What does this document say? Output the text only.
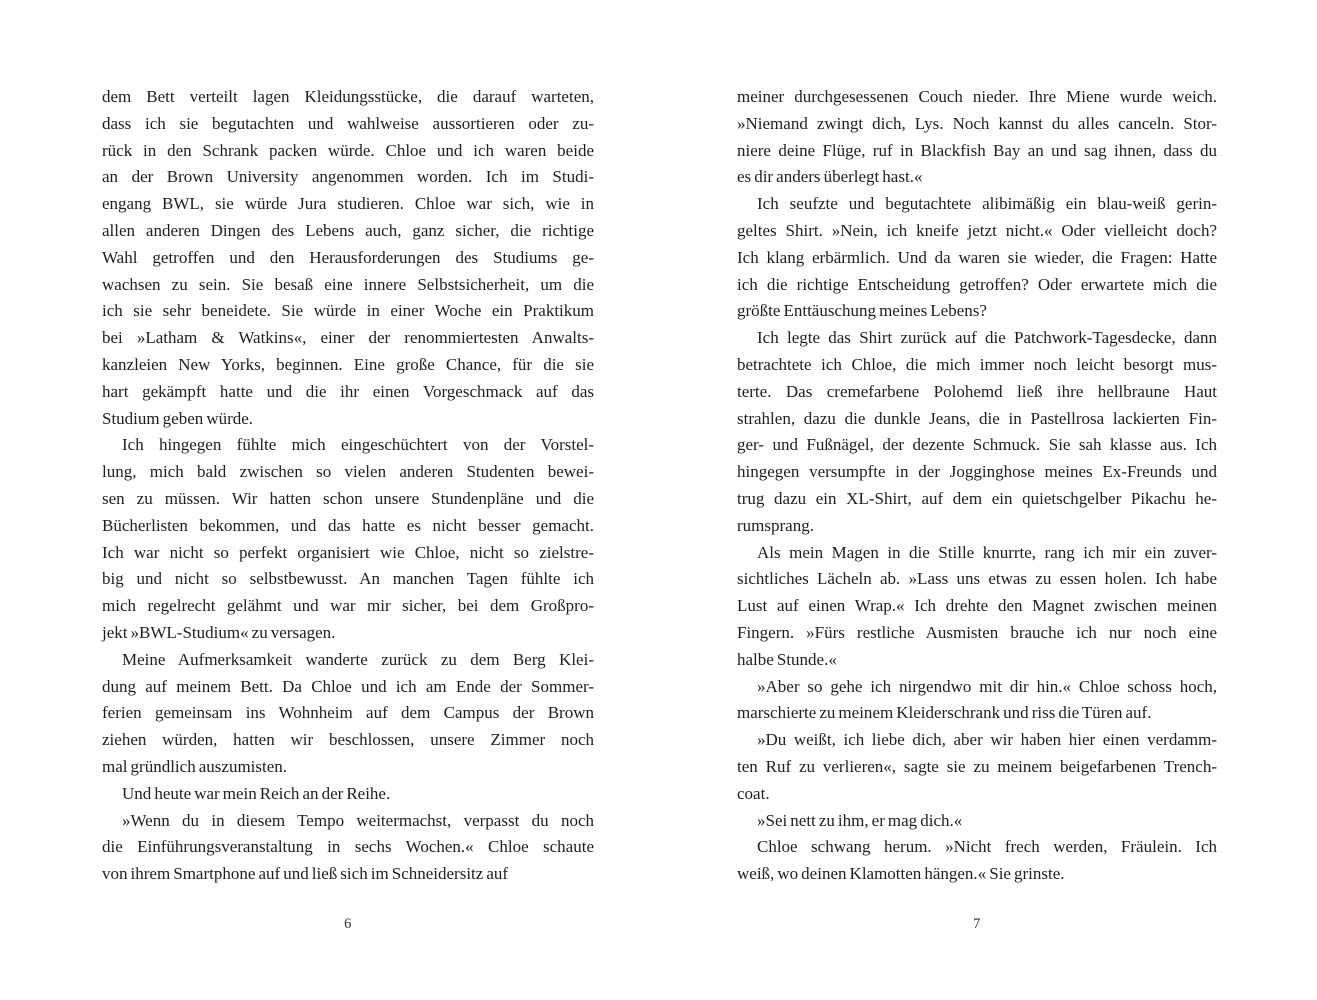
dem Bett verteilt lagen Kleidungsstücke, die darauf warteten,
dass ich sie begutachten und wahlweise aussortieren oder zu-
rück in den Schrank packen würde. Chloe und ich waren beide
an der Brown University angenommen worden. Ich im Studi-
engang BWL, sie würde Jura studieren. Chloe war sich, wie in
allen anderen Dingen des Lebens auch, ganz sicher, die richtige
Wahl getroffen und den Herausforderungen des Studiums ge-
wachsen zu sein. Sie besaß eine innere Selbstsicherheit, um die
ich sie sehr beneidete. Sie würde in einer Woche ein Praktikum
bei »Latham & Watkins«, einer der renommiertesten Anwalts-
kanzleien New Yorks, beginnen. Eine große Chance, für die sie
hart gekämpft hatte und die ihr einen Vorgeschmack auf das
Studium geben würde.
Ich hingegen fühlte mich eingeschüchtert von der Vorstel-
lung, mich bald zwischen so vielen anderen Studenten bewei-
sen zu müssen. Wir hatten schon unsere Stundenpläne und die
Bücherlisten bekommen, und das hatte es nicht besser gemacht.
Ich war nicht so perfekt organisiert wie Chloe, nicht so zielstre-
big und nicht so selbstbewusst. An manchen Tagen fühlte ich
mich regelrecht gelähmt und war mir sicher, bei dem Großpro-
jekt »BWL-Studium« zu versagen.
Meine Aufmerksamkeit wanderte zurück zu dem Berg Klei-
dung auf meinem Bett. Da Chloe und ich am Ende der Sommer-
ferien gemeinsam ins Wohnheim auf dem Campus der Brown
ziehen würden, hatten wir beschlossen, unsere Zimmer noch
mal gründlich auszumisten.
Und heute war mein Reich an der Reihe.
»Wenn du in diesem Tempo weitermachst, verpasst du noch
die Einführungsveranstaltung in sechs Wochen.« Chloe schaute
von ihrem Smartphone auf und ließ sich im Schneidersitz auf
meiner durchgesessenen Couch nieder. Ihre Miene wurde weich.
»Niemand zwingt dich, Lys. Noch kannst du alles canceln. Stor-
niere deine Flüge, ruf in Blackfish Bay an und sag ihnen, dass du
es dir anders überlegt hast.«
Ich seufzte und begutachtete alibimäßig ein blau-weiß gerin-
geltes Shirt. »Nein, ich kneife jetzt nicht.« Oder vielleicht doch?
Ich klang erbärmlich. Und da waren sie wieder, die Fragen: Hatte
ich die richtige Entscheidung getroffen? Oder erwartete mich die
größte Enttäuschung meines Lebens?
Ich legte das Shirt zurück auf die Patchwork-Tagesdecke, dann
betrachtete ich Chloe, die mich immer noch leicht besorgt mus-
terte. Das cremefarbene Polohemd ließ ihre hellbraune Haut
strahlen, dazu die dunkle Jeans, die in Pastellrosa lackierten Fin-
ger- und Fußnägel, der dezente Schmuck. Sie sah klasse aus. Ich
hingegen versumpfte in der Jogginghose meines Ex-Freunds und
trug dazu ein XL-Shirt, auf dem ein quietschgelber Pikachu he-
rumsprang.
Als mein Magen in die Stille knurrte, rang ich mir ein zuver-
sichtliches Lächeln ab. »Lass uns etwas zu essen holen. Ich habe
Lust auf einen Wrap.« Ich drehte den Magnet zwischen meinen
Fingern. »Fürs restliche Ausmisten brauche ich nur noch eine
halbe Stunde.«
»Aber so gehe ich nirgendwo mit dir hin.« Chloe schoss hoch,
marschierte zu meinem Kleiderschrank und riss die Türen auf.
»Du weißt, ich liebe dich, aber wir haben hier einen verdamm-
ten Ruf zu verlieren«, sagte sie zu meinem beigefarbenen Trench-
coat.
»Sei nett zu ihm, er mag dich.«
Chloe schwang herum. »Nicht frech werden, Fräulein. Ich
weiß, wo deinen Klamotten hängen.« Sie grinste.
6	7
